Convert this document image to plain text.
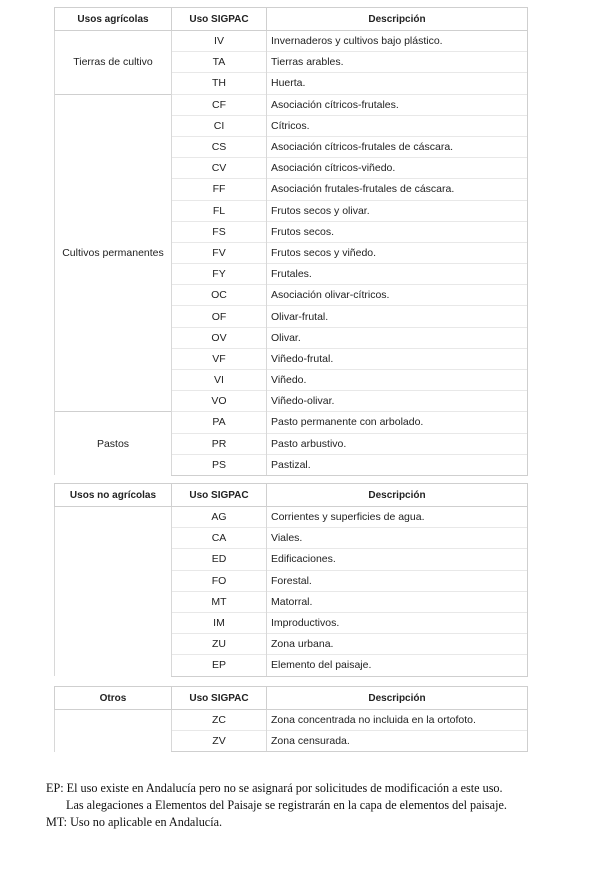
Usos agrícolas	Uso SIGPAC	Descripción
Tierras de cultivo	IV	Invernaderos y cultivos bajo plástico.
	TA	Tierras arables.
	TH	Huerta.
Cultivos permanentes	CF	Asociación cítricos-frutales.
	CI	Cítricos.
	CS	Asociación cítricos-frutales de cáscara.
	CV	Asociación cítricos-viñedo.
	FF	Asociación frutales-frutales de cáscara.
	FL	Frutos secos y olivar.
	FS	Frutos secos.
	FV	Frutos secos y viñedo.
	FY	Frutales.
	OC	Asociación olivar-cítricos.
	OF	Olivar-frutal.
	OV	Olivar.
	VF	Viñedo-frutal.
	VI	Viñedo.
	VO	Viñedo-olivar.
Pastos	PA	Pasto permanente con arbolado.
	PR	Pasto arbustivo.
	PS	Pastizal.
Usos no agrícolas	Uso SIGPAC	Descripción
	AG	Corrientes y superficies de agua.
	CA	Viales.
	ED	Edificaciones.
	FO	Forestal.
	MT	Matorral.
	IM	Improductivos.
	ZU	Zona urbana.
	EP	Elemento del paisaje.
Otros	Uso SIGPAC	Descripción
	ZC	Zona concentrada no incluida en la ortofoto.
	ZV	Zona censurada.

EP: El uso existe en Andalucía pero no se asignará por solicitudes de modificación a este uso.

Las alegaciones a Elementos del Paisaje se registrarán en la capa de elementos del paisaje.

MT: Uso no aplicable en Andalucía.
